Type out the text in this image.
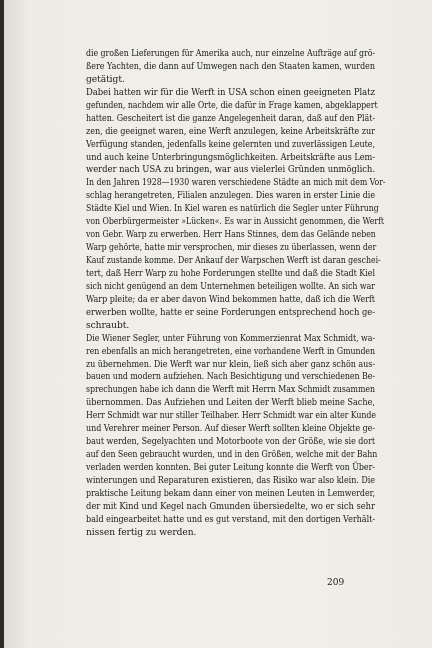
die großen Lieferungen für Amerika auch, nur einzelne Aufträge auf grö-
ßere Yachten, die dann auf Umwegen nach den Staaten kamen, wurden
getätigt.
Dabei hatten wir für die Werft in USA schon einen geeigneten Platz
gefunden, nachdem wir alle Orte, die dafür in Frage kamen, abgeklappert
hatten. Gescheitert ist die ganze Angelegenheit daran, daß auf den Plät-
zen, die geeignet waren, eine Werft anzulegen, keine Arbeitskräfte zur
Verfügung standen, jedenfalls keine gelernten und zuverlässigen Leute,
und auch keine Unterbringungsmöglichkeiten. Arbeitskräfte aus Lem-
werder nach USA zu bringen, war aus vielerlei Gründen unmöglich.
In den Jahren 1928—1930 waren verschiedene Städte an mich mit dem Vor-
schlag herangetreten, Filialen anzulegen. Dies waren in erster Linie die
Städte Kiel und Wien. In Kiel waren es natürlich die Segler unter Führung
von Oberbürgermeister »Lücken«. Es war in Aussicht genommen, die Werft
von Gebr. Warp zu erwerben. Herr Hans Stinnes, dem das Gelände neben
Warp gehörte, hatte mir versprochen, mir dieses zu überlassen, wenn der
Kauf zustande komme. Der Ankauf der Warpschen Werft ist daran geschei-
tert, daß Herr Warp zu hohe Forderungen stellte und daß die Stadt Kiel
sich nicht genügend an dem Unternehmen beteiligen wollte. An sich war
Warp pleite; da er aber davon Wind bekommen hatte, daß ich die Werft
erwerben wollte, hatte er seine Forderungen entsprechend hoch ge-
schraubt.
Die Wiener Segler, unter Führung von Kommerzienrat Max Schmidt, wa-
ren ebenfalls an mich herangetreten, eine vorhandene Werft in Gmunden
zu übernehmen. Die Werft war nur klein, ließ sich aber ganz schön aus-
bauen und modern aufziehen. Nach Besichtigung und verschiedenen Be-
sprechungen habe ich dann die Werft mit Herrn Max Schmidt zusammen
übernommen. Das Aufziehen und Leiten der Werft blieb meine Sache,
Herr Schmidt war nur stiller Teilhaber. Herr Schmidt war ein alter Kunde
und Verehrer meiner Person. Auf dieser Werft sollten kleine Objekte ge-
baut werden, Segelyachten und Motorboote von der Größe, wie sie dort
auf den Seen gebraucht wurden, und in den Größen, welche mit der Bahn
verladen werden konnten. Bei guter Leitung konnte die Werft von Über-
winterungen und Reparaturen existieren, das Risiko war also klein. Die
praktische Leitung bekam dann einer von meinen Leuten in Lemwerder,
der mit Kind und Kegel nach Gmunden übersiedelte, wo er sich sehr
bald eingearbeitet hatte und es gut verstand, mit den dortigen Verhält-
nissen fertig zu werden.
209
